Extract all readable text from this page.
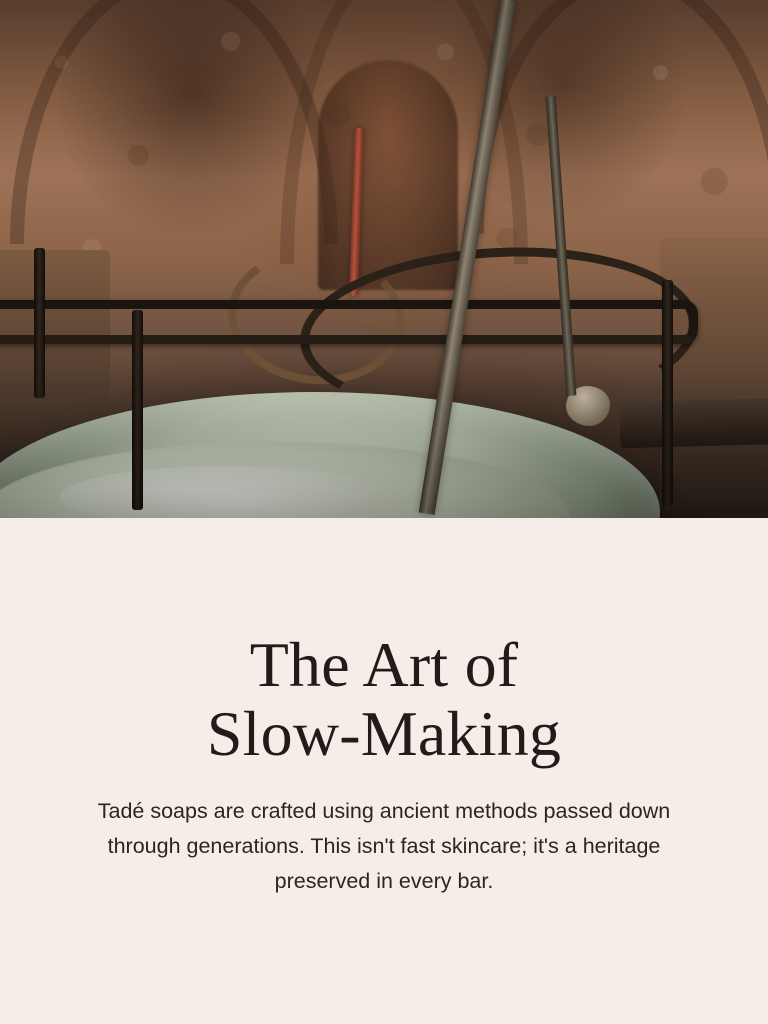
The Art of
Slow-Making

Tadé soaps are crafted using ancient methods passed down through generations. This isn't fast skincare; it's a heritage preserved in every bar.
